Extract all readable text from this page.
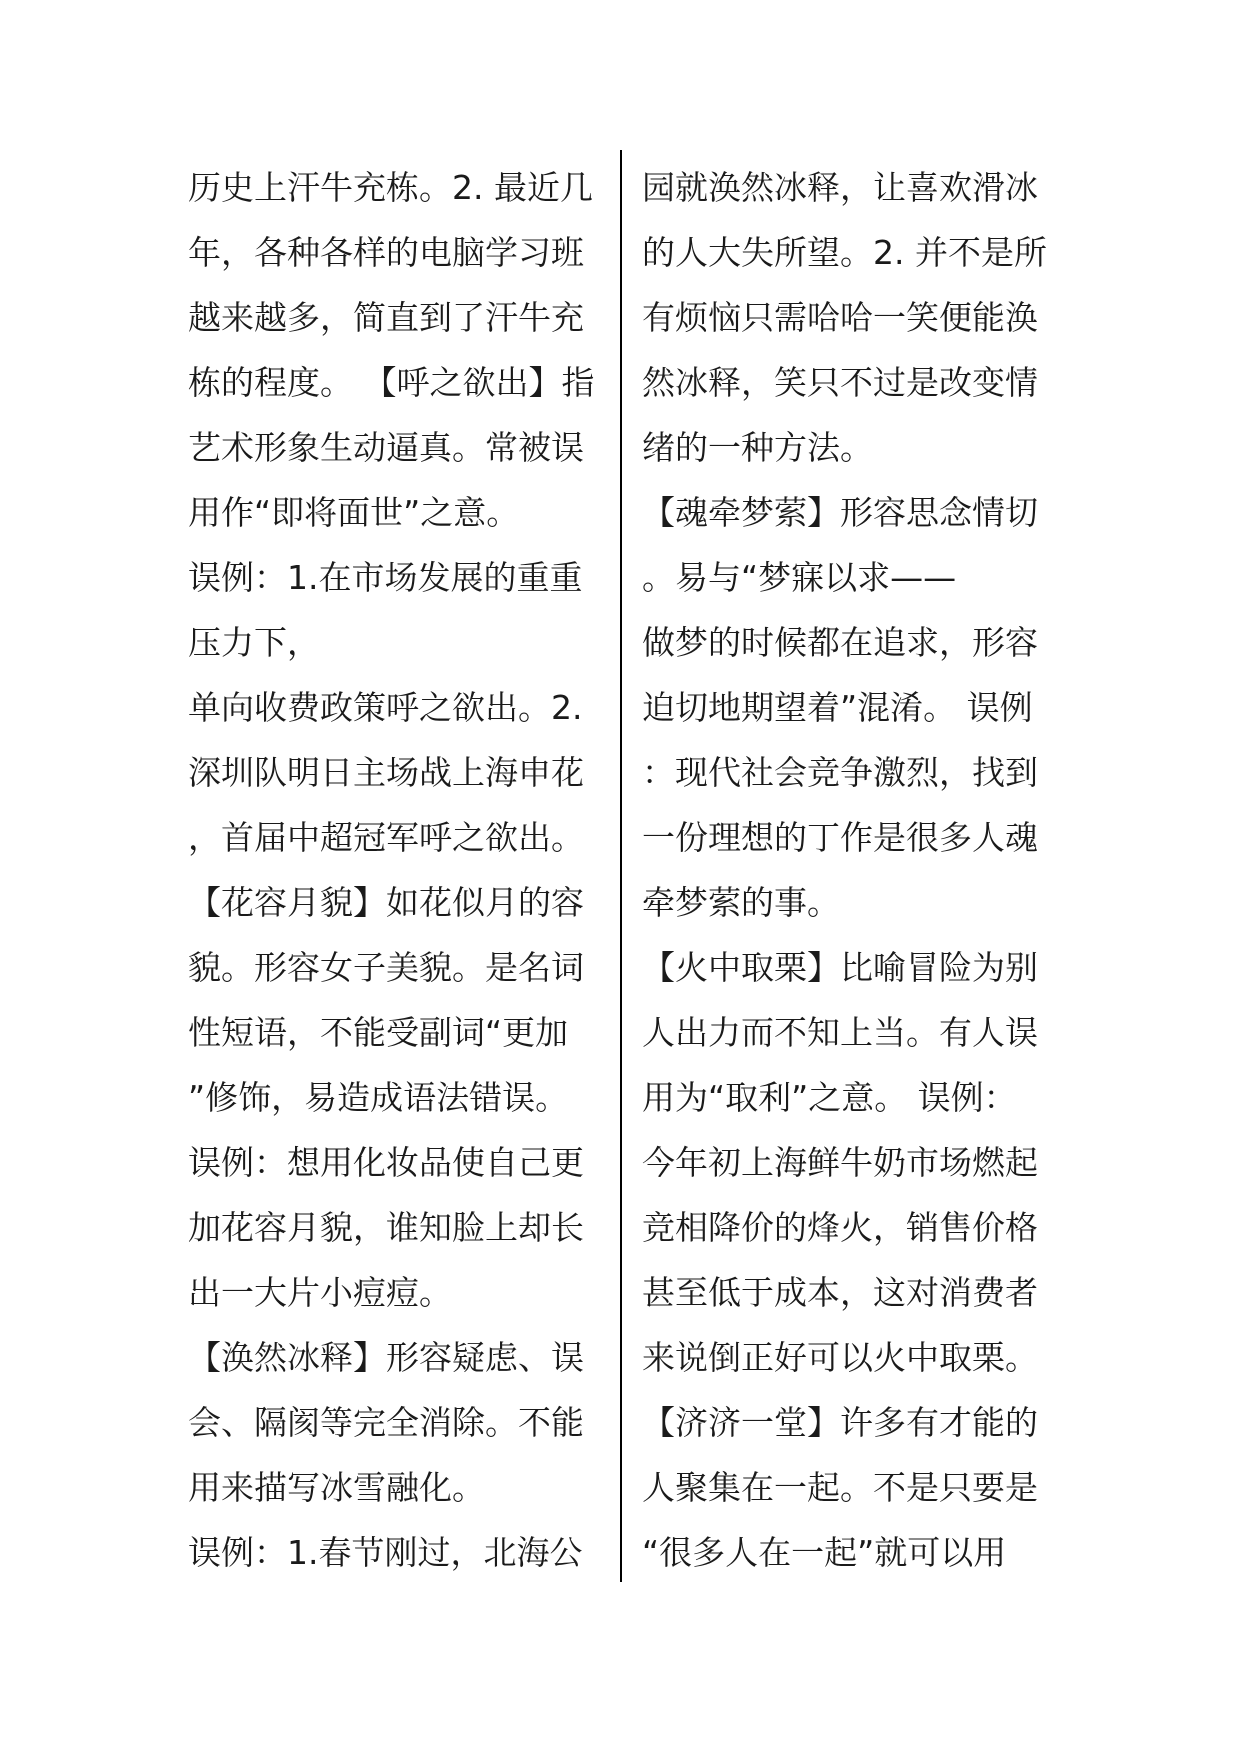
历史上汗牛充栋。2. 最近几
年，各种各样的电脑学习班
越来越多，简直到了汗牛充
栋的程度。 【呼之欲出】指
艺术形象生动逼真。常被误
用作“即将面世”之意。
误例：1.在市场发展的重重
压力下，
单向收费政策呼之欲出。2.
深圳队明日主场战上海申花
，首届中超冠军呼之欲出。
【花容月貌】如花似月的容
貌。形容女子美貌。是名词
性短语，不能受副词“更加
”修饰，易造成语法错误。
误例：想用化妆品使自己更
加花容月貌，谁知脸上却长
出一大片小痘痘。
【涣然冰释】形容疑虑、误
会、隔阂等完全消除。不能
用来描写冰雪融化。
误例：1.春节刚过，北海公
园就涣然冰释，让喜欢滑冰
的人大失所望。2. 并不是所
有烦恼只需哈哈一笑便能涣
然冰释，笑只不过是改变情
绪的一种方法。
【魂牵梦萦】形容思念情切
。易与“梦寐以求——
做梦的时候都在追求，形容
迫切地期望着”混淆。 误例
：现代社会竞争激烈，找到
一份理想的丁作是很多人魂
牵梦萦的事。
【火中取栗】比喻冒险为别
人出力而不知上当。有人误
用为“取利”之意。 误例：
今年初上海鲜牛奶市场燃起
竞相降价的烽火，销售价格
甚至低于成本，这对消费者
来说倒正好可以火中取栗。
【济济一堂】许多有才能的
人聚集在一起。不是只要是
“很多人在一起”就可以用
